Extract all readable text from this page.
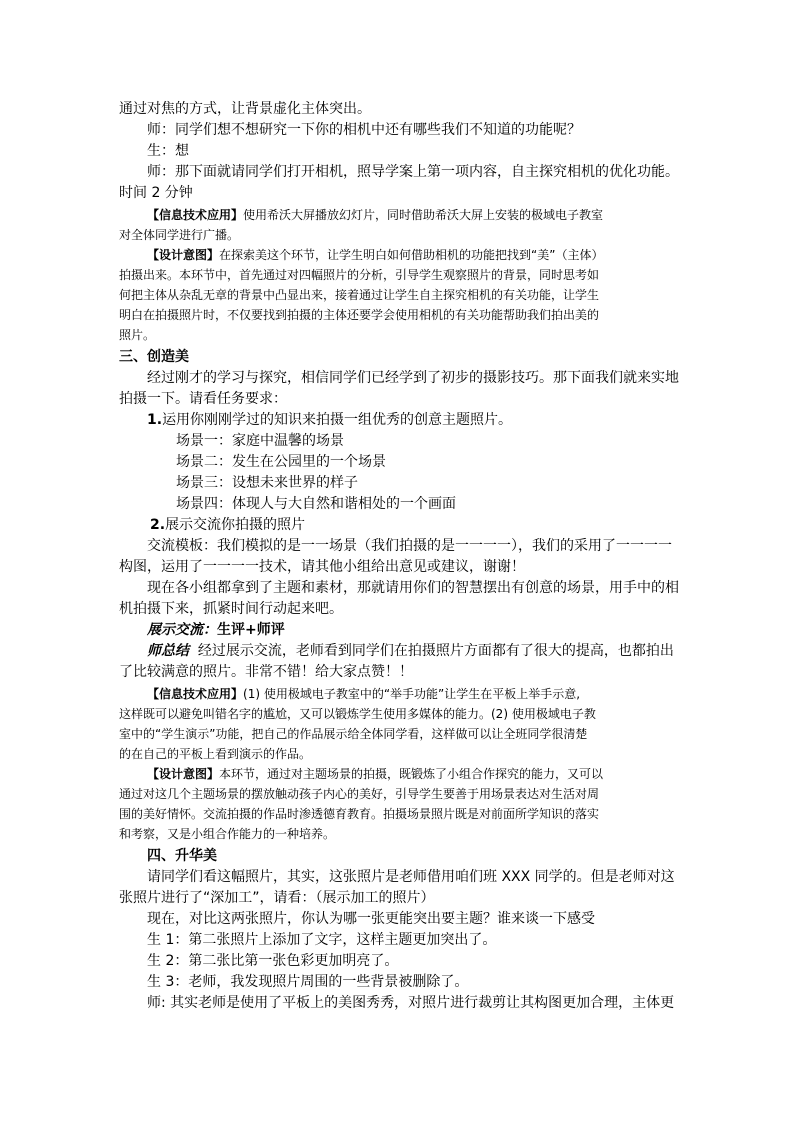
通过对焦的方式，让背景虚化主体突出。
师：同学们想不想研究一下你的相机中还有哪些我们不知道的功能呢？
生：想
师：那下面就请同学们打开相机，照导学案上第一项内容，自主探究相机的优化功能。
时间 2 分钟
【信息技术应用】使用希沃大屏播放幻灯片，同时借助希沃大屏上安装的极域电子教室
对全体同学进行广播。
【设计意图】在探索美这个环节，让学生明白如何借助相机的功能把找到“美”（主体）
拍摄出来。本环节中，首先通过对四幅照片的分析，引导学生观察照片的背景，同时思考如
何把主体从杂乱无章的背景中凸显出来，接着通过让学生自主探究相机的有关功能，让学生
明白在拍摄照片时，不仅要找到拍摄的主体还要学会使用相机的有关功能帮助我们拍出美的
照片。
三、创造美
经过刚才的学习与探究，相信同学们已经学到了初步的摄影技巧。那下面我们就来实地
拍摄一下。请看任务要求：
1.运用你刚刚学过的知识来拍摄一组优秀的创意主题照片。
场景一：家庭中温馨的场景
场景二：发生在公园里的一个场景
场景三：设想未来世界的样子
场景四：体现人与大自然和谐相处的一个画面
2.展示交流你拍摄的照片
交流模板：我们模拟的是一一场景（我们拍摄的是一一一一），我们的采用了一一一一
构图，运用了一一一一技术，请其他小组给出意见或建议，谢谢！
现在各小组都拿到了主题和素材，那就请用你们的智慧摆出有创意的场景，用手中的相
机拍摄下来，抓紧时间行动起来吧。
展示交流：生评+师评
师总结 经过展示交流，老师看到同学们在拍摄照片方面都有了很大的提高，也都拍出
了比较满意的照片。非常不错！给大家点赞！！
【信息技术应用】(1) 使用极域电子教室中的“举手功能”让学生在平板上举手示意,
这样既可以避免叫错名字的尴尬，又可以锻炼学生使用多媒体的能力。(2) 使用极域电子教
室中的“学生演示”功能，把自己的作品展示给全体同学看，这样做可以让全班同学很清楚
的在自己的平板上看到演示的作品。
【设计意图】本环节，通过对主题场景的拍摄，既锻炼了小组合作探究的能力，又可以
通过对这几个主题场景的摆放触动孩子内心的美好，引导学生要善于用场景表达对生活对周
围的美好情怀。交流拍摄的作品时渗透德育教育。拍摄场景照片既是对前面所学知识的落实
和考察，又是小组合作能力的一种培养。
四、升华美
请同学们看这幅照片，其实，这张照片是老师借用咱们班 XXX 同学的。但是老师对这
张照片进行了“深加工”，请看：（展示加工的照片）
现在，对比这两张照片，你认为哪一张更能突出要主题？谁来谈一下感受
生 1：第二张照片上添加了文字，这样主题更加突出了。
生 2：第二张比第一张色彩更加明亮了。
生 3：老师，我发现照片周围的一些背景被删除了。
师: 其实老师是使用了平板上的美图秀秀，对照片进行裁剪让其构图更加合理，主体更
